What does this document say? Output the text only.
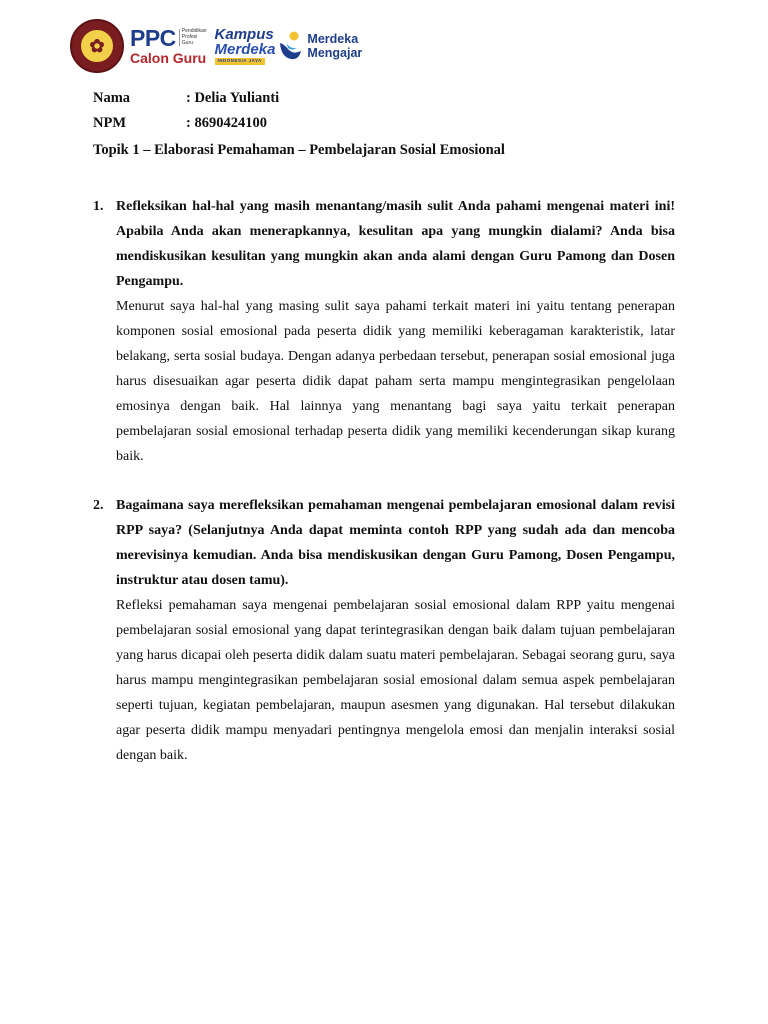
✿	PPC Pendidikan
Profesi
Guru
Calon Guru
Kampus
Merdeka
INDONESIA JAYA
Merdeka
Mengajar
Nama	: Delia Yulianti
NPM	: 8690424100
Topik 1 – Elaborasi Pemahaman – Pembelajaran Sosial Emosional
1. Refleksikan hal-hal yang masih menantang/masih sulit Anda pahami mengenai materi ini! Apabila Anda akan menerapkannya, kesulitan apa yang mungkin dialami? Anda bisa mendiskusikan kesulitan yang mungkin akan anda alami dengan Guru Pamong dan Dosen Pengampu.

Menurut saya hal-hal yang masing sulit saya pahami terkait materi ini yaitu tentang penerapan komponen sosial emosional pada peserta didik yang memiliki keberagaman karakteristik, latar belakang, serta sosial budaya. Dengan adanya perbedaan tersebut, penerapan sosial emosional juga harus disesuaikan agar peserta didik dapat paham serta mampu mengintegrasikan pengelolaan emosinya dengan baik. Hal lainnya yang menantang bagi saya yaitu terkait penerapan pembelajaran sosial emosional terhadap peserta didik yang memiliki kecenderungan sikap kurang baik.

2. Bagaimana saya merefleksikan pemahaman mengenai pembelajaran emosional dalam revisi RPP saya? (Selanjutnya Anda dapat meminta contoh RPP yang sudah ada dan mencoba merevisinya kemudian. Anda bisa mendiskusikan dengan Guru Pamong, Dosen Pengampu, instruktur atau dosen tamu).

Refleksi pemahaman saya mengenai pembelajaran sosial emosional dalam RPP yaitu mengenai pembelajaran sosial emosional yang dapat terintegrasikan dengan baik dalam tujuan pembelajaran yang harus dicapai oleh peserta didik dalam suatu materi pembelajaran. Sebagai seorang guru, saya harus mampu mengintegrasikan pembelajaran sosial emosional dalam semua aspek pembelajaran seperti tujuan, kegiatan pembelajaran, maupun asesmen yang digunakan. Hal tersebut dilakukan agar peserta didik mampu menyadari pentingnya mengelola emosi dan menjalin interaksi sosial dengan baik.
